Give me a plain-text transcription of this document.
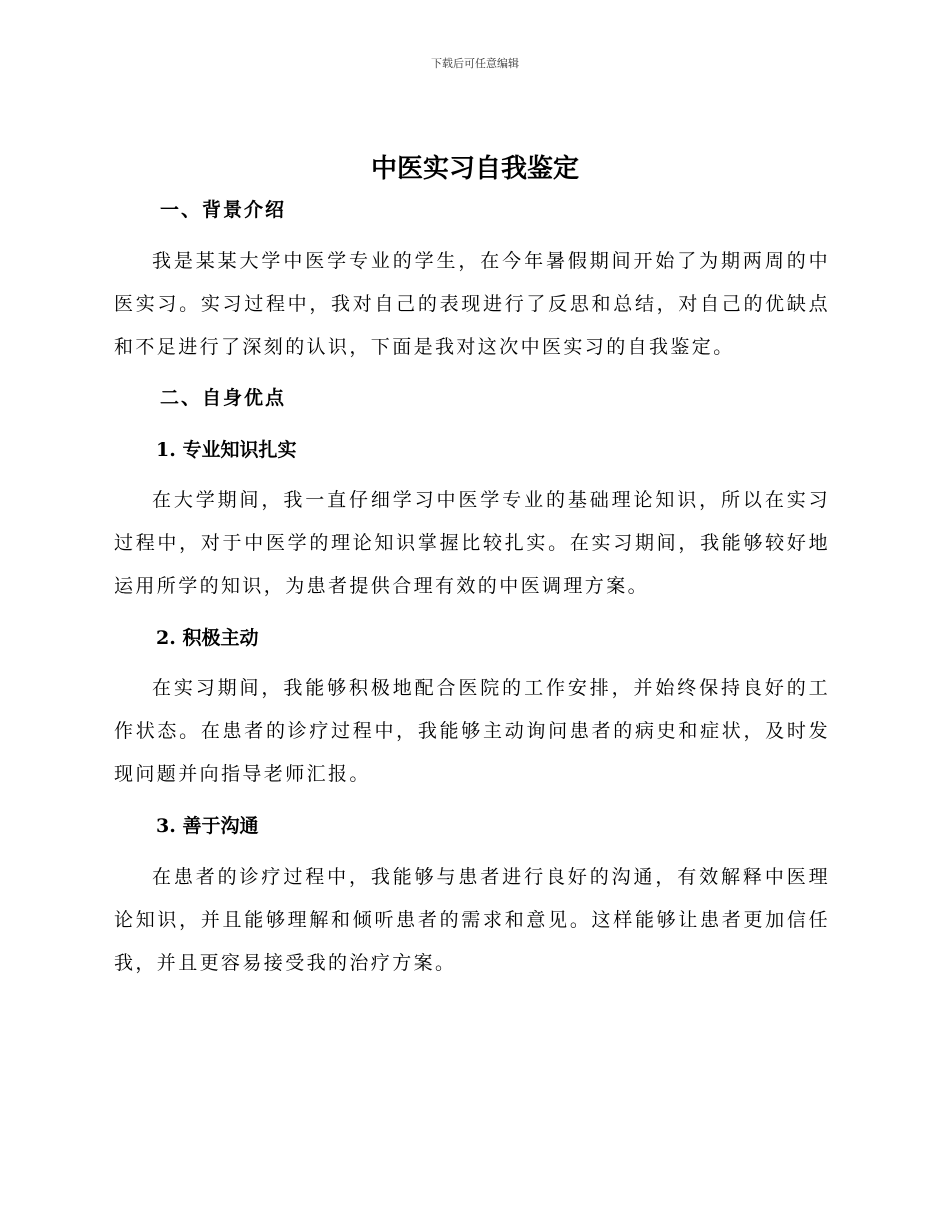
下载后可任意编辑
中医实习自我鉴定
一、背景介绍

我是某某大学中医学专业的学生，在今年暑假期间开始了为期两周的中医实习。实习过程中，我对自己的表现进行了反思和总结，对自己的优缺点和不足进行了深刻的认识，下面是我对这次中医实习的自我鉴定。

二、自身优点
1. 专业知识扎实

在大学期间，我一直仔细学习中医学专业的基础理论知识，所以在实习过程中，对于中医学的理论知识掌握比较扎实。在实习期间，我能够较好地运用所学的知识，为患者提供合理有效的中医调理方案。

2. 积极主动

在实习期间，我能够积极地配合医院的工作安排，并始终保持良好的工作状态。在患者的诊疗过程中，我能够主动询问患者的病史和症状，及时发现问题并向指导老师汇报。

3. 善于沟通

在患者的诊疗过程中，我能够与患者进行良好的沟通，有效解释中医理论知识，并且能够理解和倾听患者的需求和意见。这样能够让患者更加信任我，并且更容易接受我的治疗方案。
